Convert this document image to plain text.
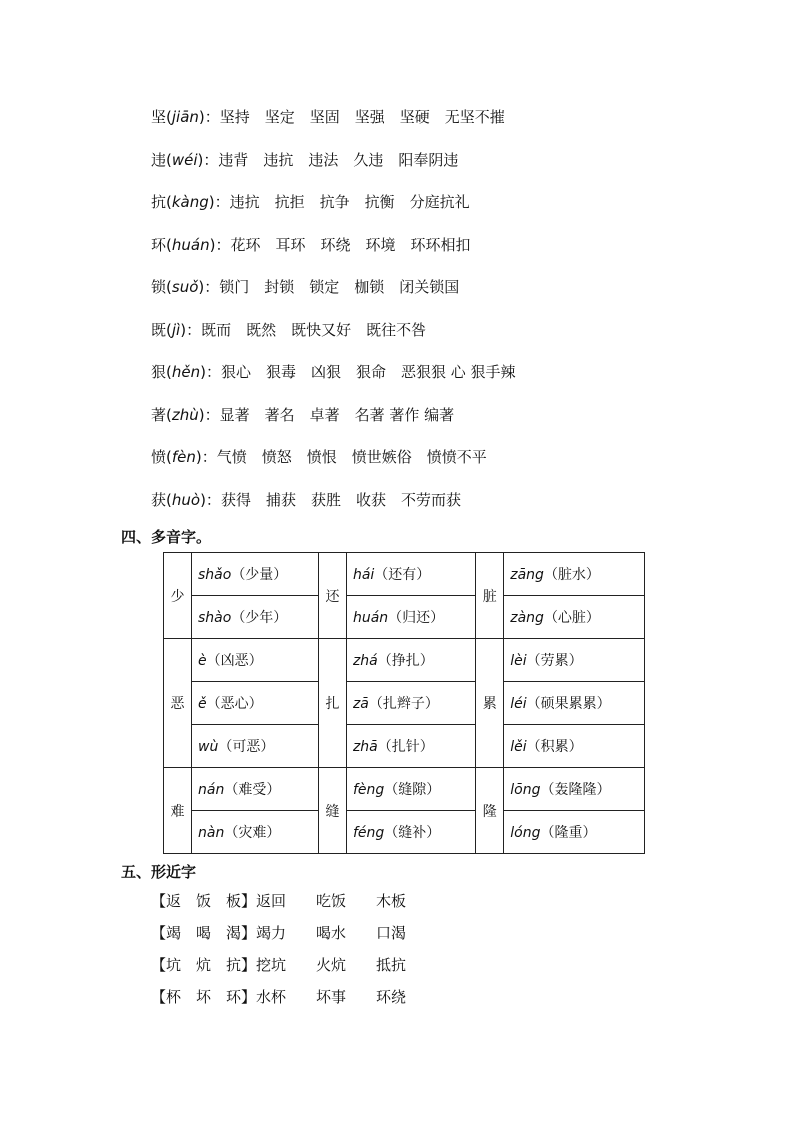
坚(jiān)：坚持　坚定　坚固　坚强　坚硬　无坚不摧
违(wéi)：违背　违抗　违法　久违　阳奉阴违
抗(kàng)：违抗　抗拒　抗争　抗衡　分庭抗礼
环(huán)：花环　耳环　环绕　环境　环环相扣
锁(suǒ)：锁门　封锁　锁定　枷锁　闭关锁国
既(jì)：既而　既然　既快又好　既往不咎
狠(hěn)：狠心　狠毒　凶狠　狠命　恶狠狠 心 狠手辣
著(zhù)：显著　著名　卓著　名著 著作 编著
愤(fèn)：气愤　愤怒　愤恨　愤世嫉俗　愤愤不平
获(huò)：获得　捕获　获胜　收获　不劳而获
四、多音字。
少	shǎo（少量）	还	hái（还有）	脏	zāng（脏水）
	shào（少年）		huán（归还）		zàng（心脏）
恶	è（凶恶）	扎	zhá（挣扎）	累	lèi（劳累）
	ě（恶心）		zā（扎辫子）		léi（硕果累累）
	wù（可恶）		zhā（扎针）		lěi（积累）
难	nán（难受）	缝	fèng（缝隙）	隆	lōng（轰隆隆）
	nàn（灾难）		féng（缝补）		lóng（隆重）
五、形近字
【返　饭　板】返回　　吃饭　　木板
【竭　喝　渴】竭力　　喝水　　口渴
【坑　炕　抗】挖坑　　火炕　　抵抗
【杯　坏　环】水杯　　坏事　　环绕
